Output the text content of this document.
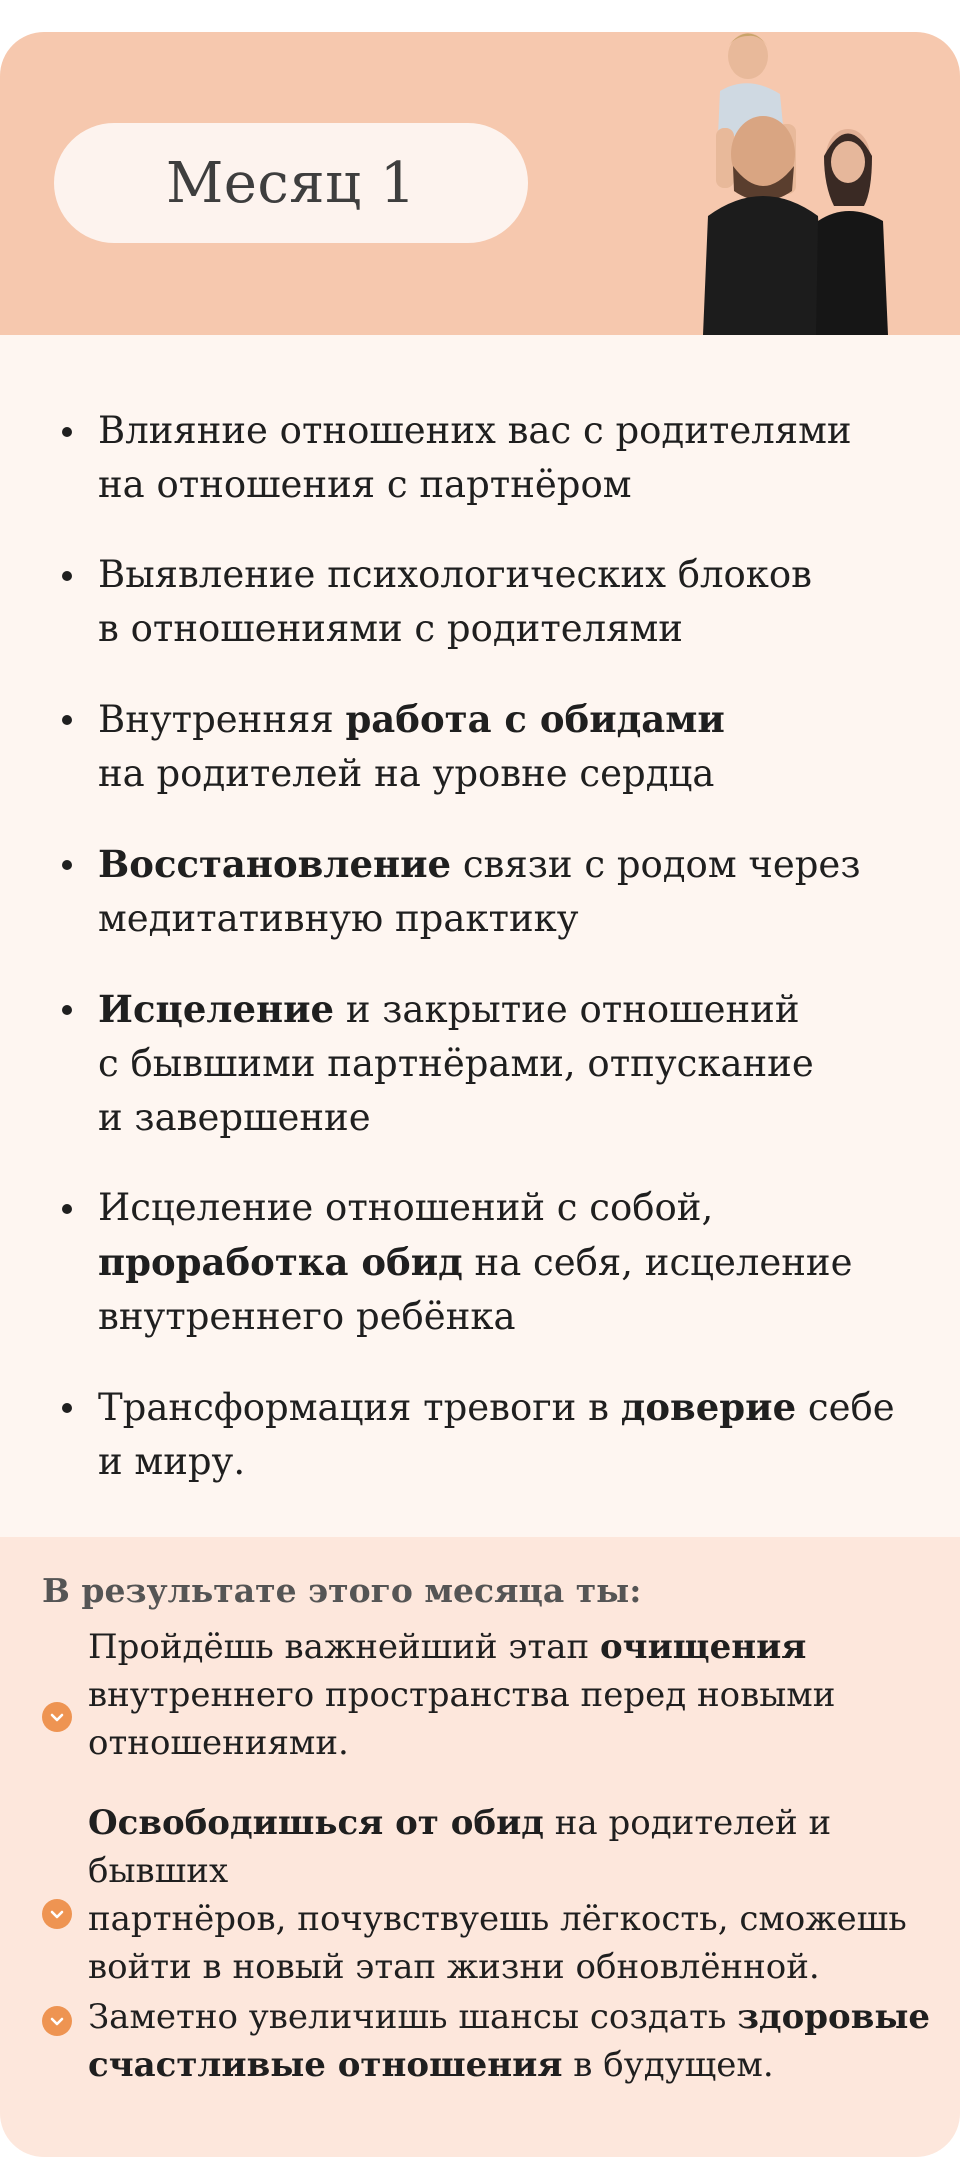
Месяц 1
Влияние отношених вас с родителями
на отношения с партнёром
Выявление психологических блоков
в отношениями с родителями
Внутренняя работа с обидами
на родителей на уровне сердца
Восстановление связи с родом через
медитативную практику
Исцеление и закрытие отношений
с бывшими партнёрами, отпускание
и завершение
Исцеление отношений с собой,
проработка обид на себя, исцеление
внутреннего ребёнка
Трансформация тревоги в доверие себе
и миру.
В результате этого месяца ты:
Пройдёшь важнейший этап очищения
внутреннего пространства перед новыми
отношениями.
Освободишься от обид на родителей и бывших
партнёров, почувствуешь лёгкость, сможешь
войти в новый этап жизни обновлённой.
Заметно увеличишь шансы создать здоровые
счастливые отношения в будущем.
